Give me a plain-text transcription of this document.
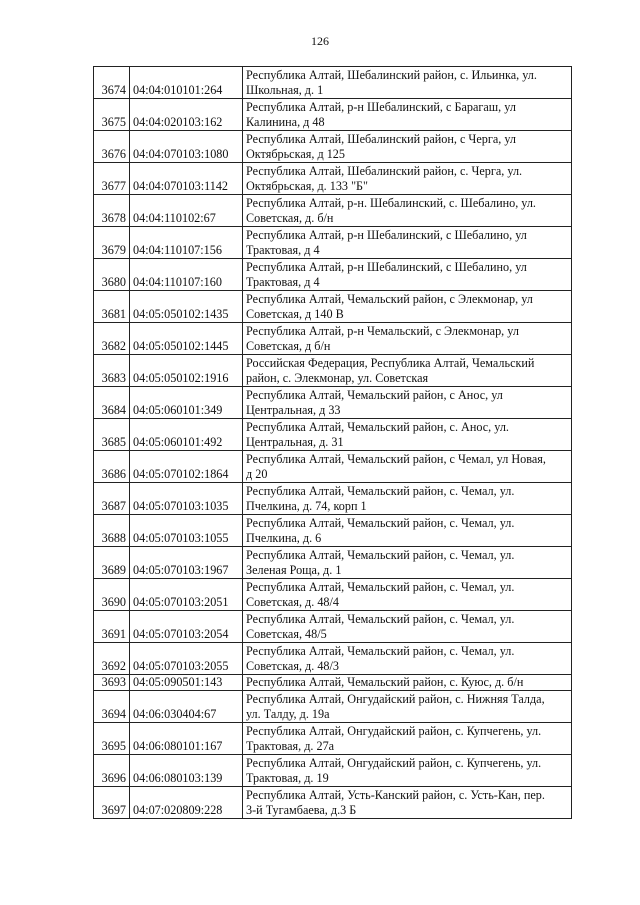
126
3674	04:04:010101:264	Республика Алтай, Шебалинский район, с. Ильинка, ул.
Школьная, д. 1

3675	04:04:020103:162	Республика Алтай, р-н Шебалинский, с Барагаш, ул
Калинина, д 48

3676	04:04:070103:1080	Республика Алтай, Шебалинский район, с Черга, ул
Октябрьская, д 125

3677	04:04:070103:1142	Республика Алтай, Шебалинский район, с. Черга, ул.
Октябрьская, д. 133 "Б"

3678	04:04:110102:67	Республика Алтай, р-н. Шебалинский, с. Шебалино, ул.
Советская, д. б/н

3679	04:04:110107:156	Республика Алтай, р-н Шебалинский, с Шебалино, ул
Трактовая, д 4

3680	04:04:110107:160	Республика Алтай, р-н Шебалинский, с Шебалино, ул
Трактовая, д 4

3681	04:05:050102:1435	Республика Алтай, Чемальский район, с Элекмонар, ул
Советская, д 140 В

3682	04:05:050102:1445	Республика Алтай, р-н Чемальский, с Элекмонар, ул
Советская, д б/н

3683	04:05:050102:1916	Российская Федерация, Республика Алтай, Чемальский
район, с. Элекмонар, ул. Советская

3684	04:05:060101:349	Республика Алтай, Чемальский район, с Анос, ул
Центральная, д 33

3685	04:05:060101:492	Республика Алтай, Чемальский район, с. Анос, ул.
Центральная, д. 31

3686	04:05:070102:1864	Республика Алтай, Чемальский район, с Чемал, ул Новая,
д 20

3687	04:05:070103:1035	Республика Алтай, Чемальский район, с. Чемал, ул.
Пчелкина, д. 74, корп 1

3688	04:05:070103:1055	Республика Алтай, Чемальский район, с. Чемал, ул.
Пчелкина, д. 6

3689	04:05:070103:1967	Республика Алтай, Чемальский район, с. Чемал, ул.
Зеленая Роща, д. 1

3690	04:05:070103:2051	Республика Алтай, Чемальский район, с. Чемал, ул.
Советская, д. 48/4

3691	04:05:070103:2054	Республика Алтай, Чемальский район, с. Чемал, ул.
Советская, 48/5

3692	04:05:070103:2055	Республика Алтай, Чемальский район, с. Чемал, ул.
Советская, д. 48/3

3693	04:05:090501:143	Республика Алтай, Чемальский район, с. Куюс, д. б/н

3694	04:06:030404:67	Республика Алтай, Онгудайский район, с. Нижняя Талда,
ул. Талду, д. 19а

3695	04:06:080101:167	Республика Алтай, Онгудайский район, с. Купчегень, ул.
Трактовая, д. 27а

3696	04:06:080103:139	Республика Алтай, Онгудайский район, с. Купчегень, ул.
Трактовая, д. 19

3697	04:07:020809:228	Республика Алтай, Усть-Канский район, с. Усть-Кан, пер.
3-й Тугамбаева, д.3 Б
